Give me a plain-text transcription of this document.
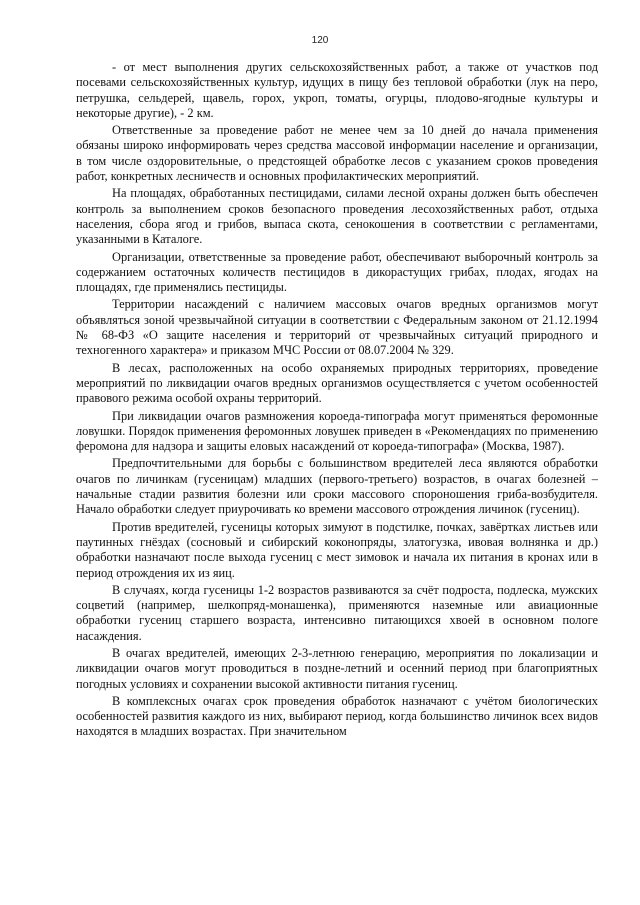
120

- от мест выполнения других сельскохозяйственных работ, а также от участков под посевами сельскохозяйственных культур, идущих в пищу без тепловой обработки (лук на перо, петрушка, сельдерей, щавель, горох, укроп, томаты, огурцы, плодово-ягодные культуры и некоторые другие), - 2 км.

Ответственные за проведение работ не менее чем за 10 дней до начала применения обязаны широко информировать через средства массовой информации население и организации, в том числе оздоровительные, о предстоящей обработке лесов с указанием сроков проведения работ, конкретных лесничеств и основных профилактических мероприятий.

На площадях, обработанных пестицидами, силами лесной охраны должен быть обеспечен контроль за выполнением сроков безопасного проведения лесохозяйственных работ, отдыха населения, сбора ягод и грибов, выпаса скота, сенокошения в соответствии с регламентами, указанными в Каталоге.

Организации, ответственные за проведение работ, обеспечивают выборочный контроль за содержанием остаточных количеств пестицидов в дикорастущих грибах, плодах, ягодах на площадях, где применялись пестициды.

Территории насаждений с наличием массовых очагов вредных организмов могут объявляться зоной чрезвычайной ситуации в соответствии с Федеральным законом от 21.12.1994 № 68-ФЗ «О защите населения и территорий от чрезвычайных ситуаций природного и техногенного характера» и приказом МЧС России от 08.07.2004 № 329.

В лесах, расположенных на особо охраняемых природных территориях, проведение мероприятий по ликвидации очагов вредных организмов осуществляется с учетом особенностей правового режима особой охраны территорий.

При ликвидации очагов размножения короеда-типографа могут применяться феромонные ловушки. Порядок применения феромонных ловушек приведен в «Рекомендациях по применению феромона для надзора и защиты еловых насаждений от короеда-типографа» (Москва, 1987).

Предпочтительными для борьбы с большинством вредителей леса являются обработки очагов по личинкам (гусеницам) младших (первого-третьего) возрастов, в очагах болезней – начальные стадии развития болезни или сроки массового спороношения гриба-возбудителя. Начало обработки следует приурочивать ко времени массового отрождения личинок (гусениц).

Против вредителей, гусеницы которых зимуют в подстилке, почках, завёртках листьев или паутинных гнёздах (сосновый и сибирский коконопряды, златогузка, ивовая волнянка и др.) обработки назначают после выхода гусениц с мест зимовок и начала их питания в кронах или в период отрождения их из яиц.

В случаях, когда гусеницы 1-2 возрастов развиваются за счёт подроста, подлеска, мужских соцветий (например, шелкопряд-монашенка), применяются наземные или авиационные обработки гусениц старшего возраста, интенсивно питающихся хвоей в основном пологе насаждения.

В очагах вредителей, имеющих 2-3-летнюю генерацию, мероприятия по локализации и ликвидации очагов могут проводиться в поздне-летний и осенний период при благоприятных погодных условиях и сохранении высокой активности питания гусениц.

В комплексных очагах срок проведения обработок назначают с учётом биологических особенностей развития каждого из них, выбирают период, когда большинство личинок всех видов находятся в младших возрастах. При значительном
